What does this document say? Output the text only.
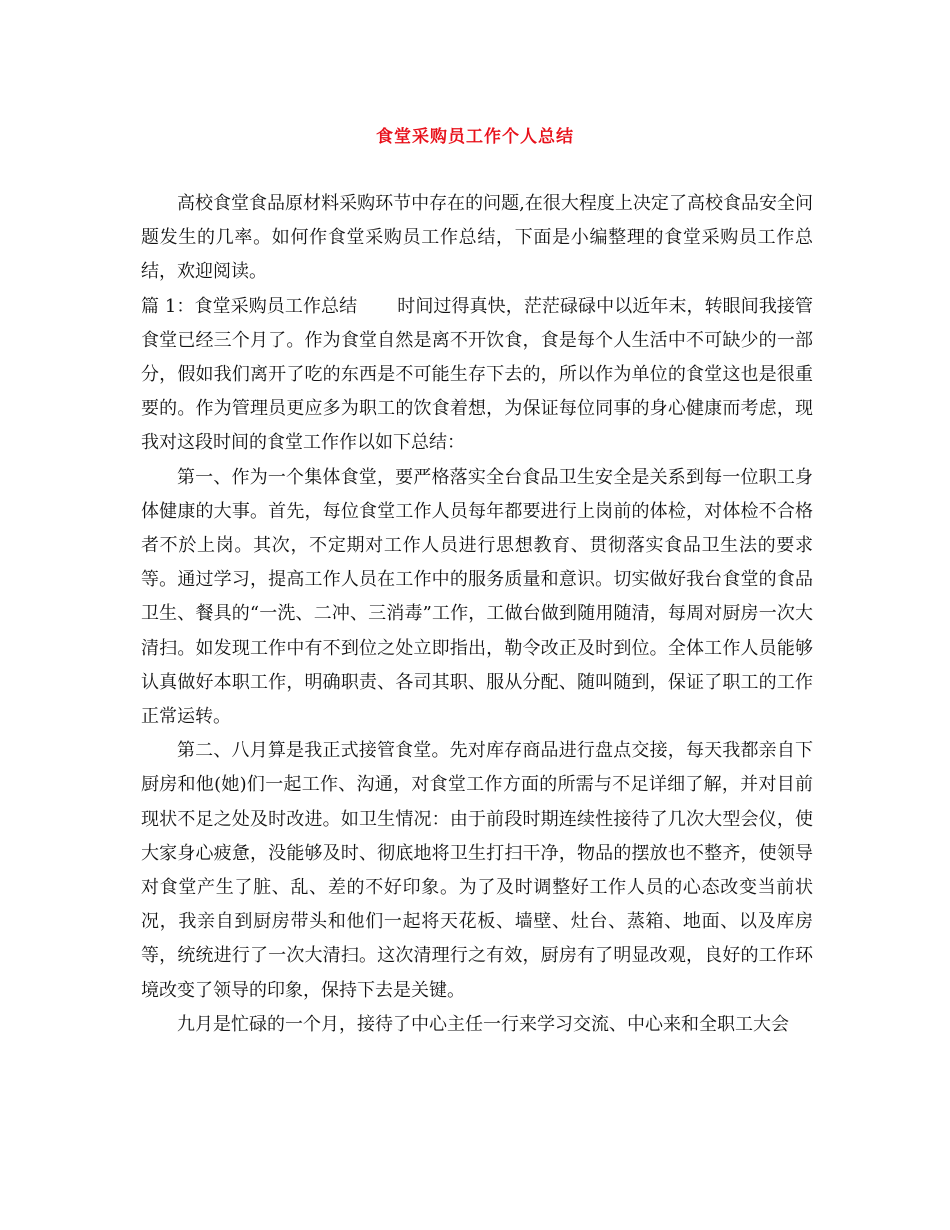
食堂采购员工作个人总结

高校食堂食品原材料采购环节中存在的问题,在很大程度上决定了高校食品安全问题发生的几率。如何作食堂采购员工作总结，下面是小编整理的食堂采购员工作总结，欢迎阅读。

篇 1：食堂采购员工作总结 时间过得真快，茫茫碌碌中以近年末，转眼间我接管食堂已经三个月了。作为食堂自然是离不开饮食，食是每个人生活中不可缺少的一部分，假如我们离开了吃的东西是不可能生存下去的，所以作为单位的食堂这也是很重要的。作为管理员更应多为职工的饮食着想，为保证每位同事的身心健康而考虑，现我对这段时间的食堂工作作以如下总结：

第一、作为一个集体食堂，要严格落实全台食品卫生安全是关系到每一位职工身体健康的大事。首先，每位食堂工作人员每年都要进行上岗前的体检，对体检不合格者不於上岗。其次，不定期对工作人员进行思想教育、贯彻落实食品卫生法的要求等。通过学习，提高工作人员在工作中的服务质量和意识。切实做好我台食堂的食品卫生、餐具的“一洗、二冲、三消毒”工作，工做台做到随用随清，每周对厨房一次大清扫。如发现工作中有不到位之处立即指出，勒令改正及时到位。全体工作人员能够认真做好本职工作，明确职责、各司其职、服从分配、随叫随到，保证了职工的工作正常运转。

第二、八月算是我正式接管食堂。先对库存商品进行盘点交接，每天我都亲自下厨房和他(她)们一起工作、沟通，对食堂工作方面的所需与不足详细了解，并对目前现状不足之处及时改进。如卫生情况：由于前段时期连续性接待了几次大型会仪，使大家身心疲惫，没能够及时、彻底地将卫生打扫干净，物品的摆放也不整齐，使领导对食堂产生了脏、乱、差的不好印象。为了及时调整好工作人员的心态改变当前状况，我亲自到厨房带头和他们一起将天花板、墙壁、灶台、蒸箱、地面、以及库房等，统统进行了一次大清扫。这次清理行之有效，厨房有了明显改观，良好的工作环境改变了领导的印象，保持下去是关键。

九月是忙碌的一个月，接待了中心主任一行来学习交流、中心来和全职工大会
